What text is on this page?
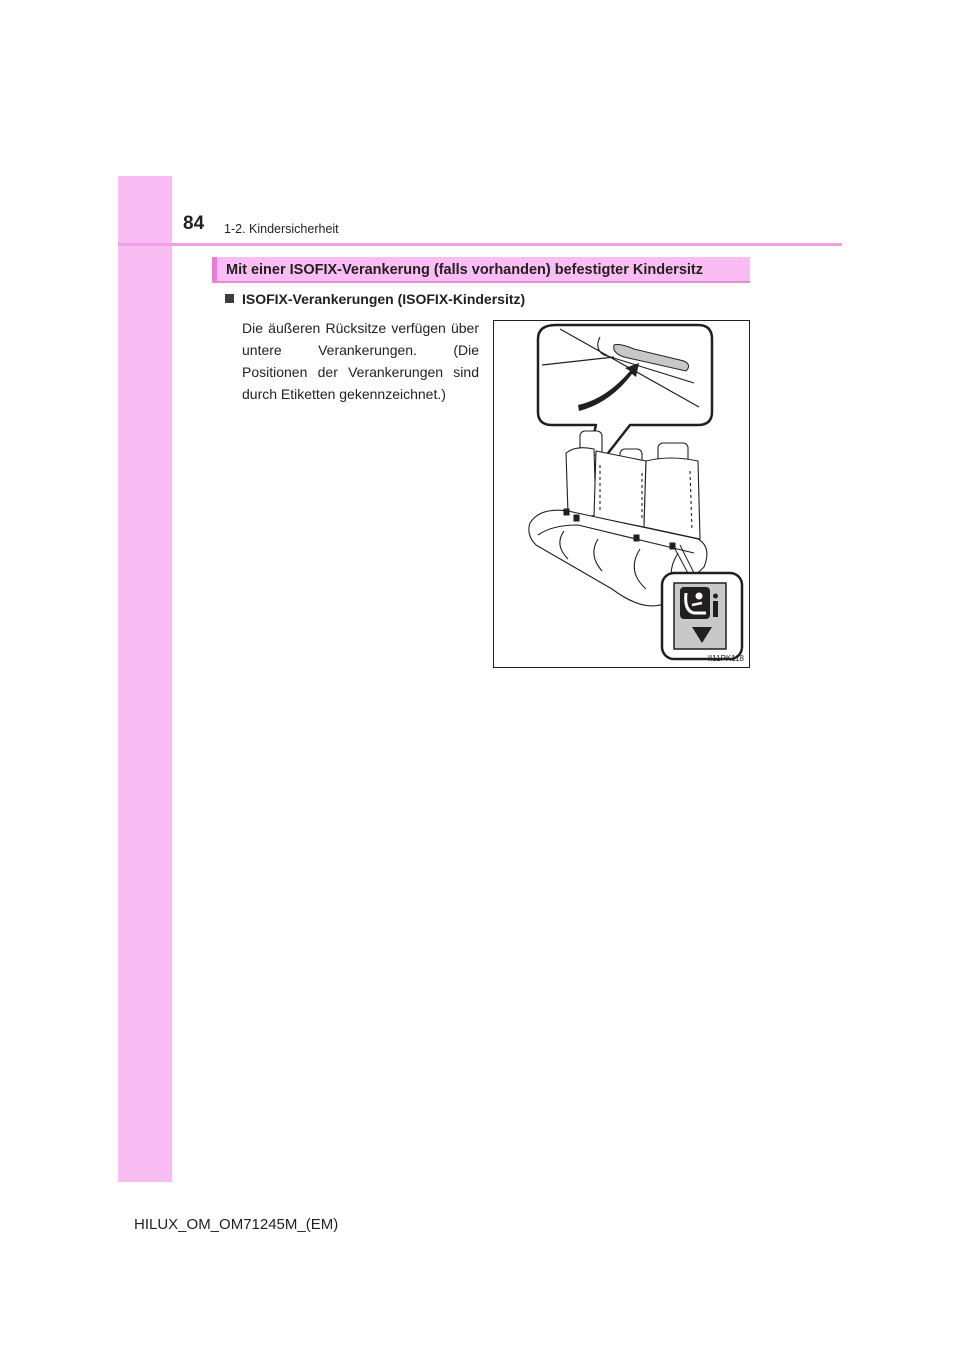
84 1-2. Kindersicherheit
Mit einer ISOFIX-Verankerung (falls vorhanden) befestigter Kindersitz
ISOFIX-Verankerungen (ISOFIX-Kindersitz)

Die äußeren Rücksitze verfügen über untere Verankerungen. (Die Positionen der Verankerungen sind durch Etiketten gekennzeichnet.)

II11PK118
HILUX_OM_OM71245M_(EM)
